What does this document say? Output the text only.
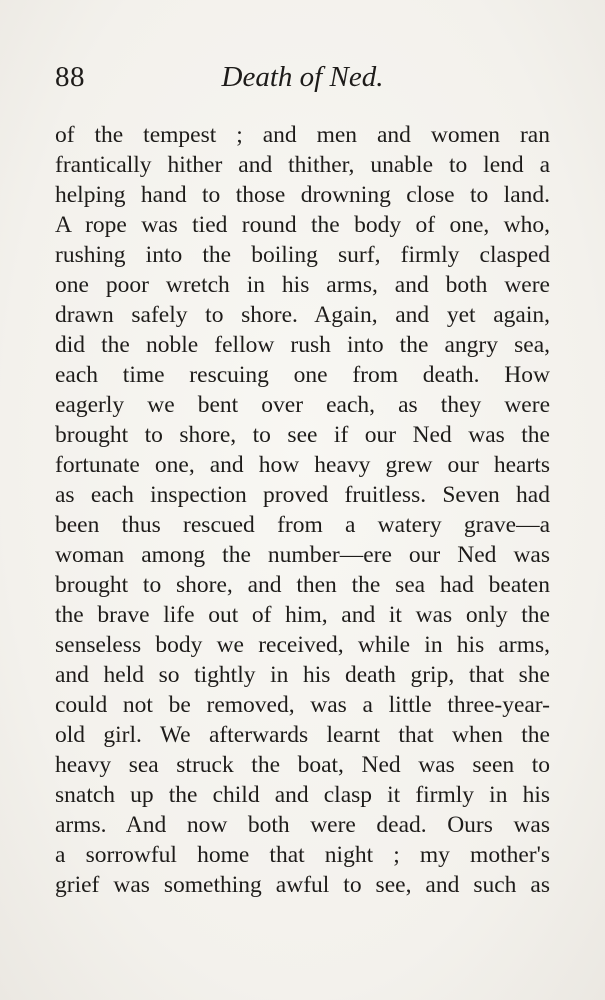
88	Death of Ned.
of the tempest ; and men and women ran
frantically hither and thither, unable to lend a
helping hand to those drowning close to land.
A rope was tied round the body of one, who,
rushing into the boiling surf, firmly clasped
one poor wretch in his arms, and both were
drawn safely to shore. Again, and yet again,
did the noble fellow rush into the angry sea,
each time rescuing one from death. How
eagerly we bent over each, as they were
brought to shore, to see if our Ned was the
fortunate one, and how heavy grew our hearts
as each inspection proved fruitless. Seven had
been thus rescued from a watery grave—a
woman among the number—ere our Ned was
brought to shore, and then the sea had beaten
the brave life out of him, and it was only the
senseless body we received, while in his arms,
and held so tightly in his death grip, that she
could not be removed, was a little three-year-
old girl. We afterwards learnt that when the
heavy sea struck the boat, Ned was seen to
snatch up the child and clasp it firmly in his
arms. And now both were dead. Ours was
a sorrowful home that night ; my mother's
grief was something awful to see, and such as
